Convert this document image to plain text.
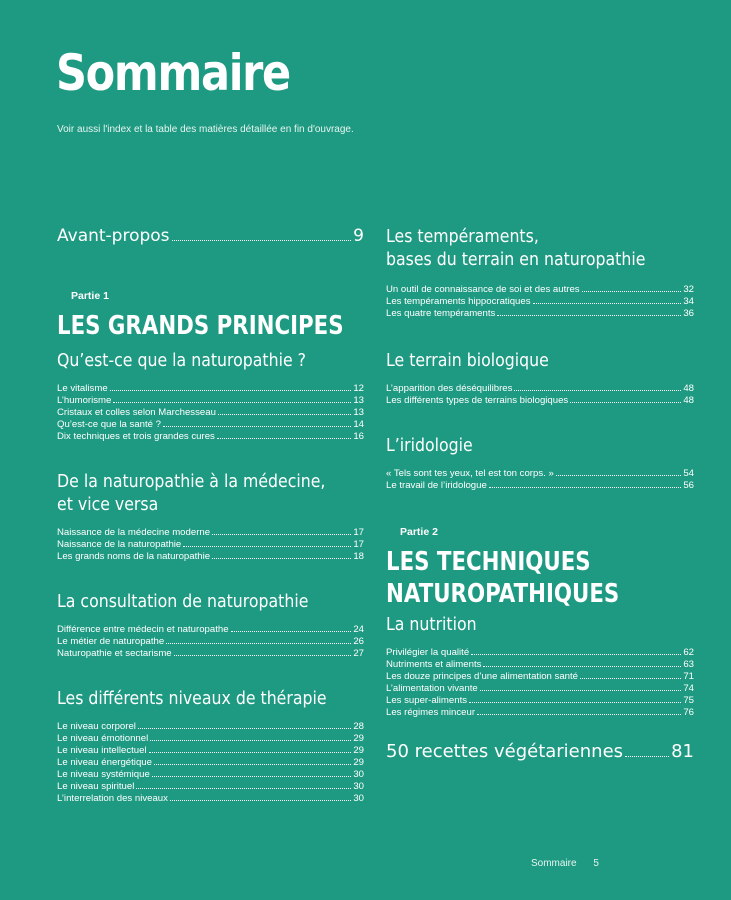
Sommaire

Voir aussi l'index et la table des matières détaillée en fin d'ouvrage.

Avant-propos	9
Partie 1
LES GRANDS PRINCIPES
Qu’est-ce que la naturopathie ?
Le vitalisme	12
L’humorisme	13
Cristaux et colles selon Marchesseau	13
Qu’est-ce que la santé ?	14
Dix techniques et trois grandes cures	16
De la naturopathie à la médecine,
et vice versa
Naissance de la médecine moderne	17
Naissance de la naturopathie	17
Les grands noms de la naturopathie	18
La consultation de naturopathie
Différence entre médecin et naturopathe	24
Le métier de naturopathe	26
Naturopathie et sectarisme	27
Les différents niveaux de thérapie
Le niveau corporel	28
Le niveau émotionnel	29
Le niveau intellectuel	29
Le niveau énergétique	29
Le niveau systémique	30
Le niveau spirituel	30
L’interrelation des niveaux	30
Les tempéraments,
bases du terrain en naturopathie
Un outil de connaissance de soi et des autres	32
Les tempéraments hippocratiques	34
Les quatre tempéraments	36
Le terrain biologique
L’apparition des déséquilibres	48
Les différents types de terrains biologiques	48
L’iridologie
« Tels sont tes yeux, tel est ton corps. »	54
Le travail de l’iridologue	56
Partie 2
LES TECHNIQUES
NATUROPATHIQUES
La nutrition
Privilégier la qualité	62
Nutriments et aliments	63
Les douze principes d’une alimentation santé	71
L’alimentation vivante	74
Les super-aliments	75
Les régimes minceur	76
50 recettes végétariennes	81
Sommaire 5
